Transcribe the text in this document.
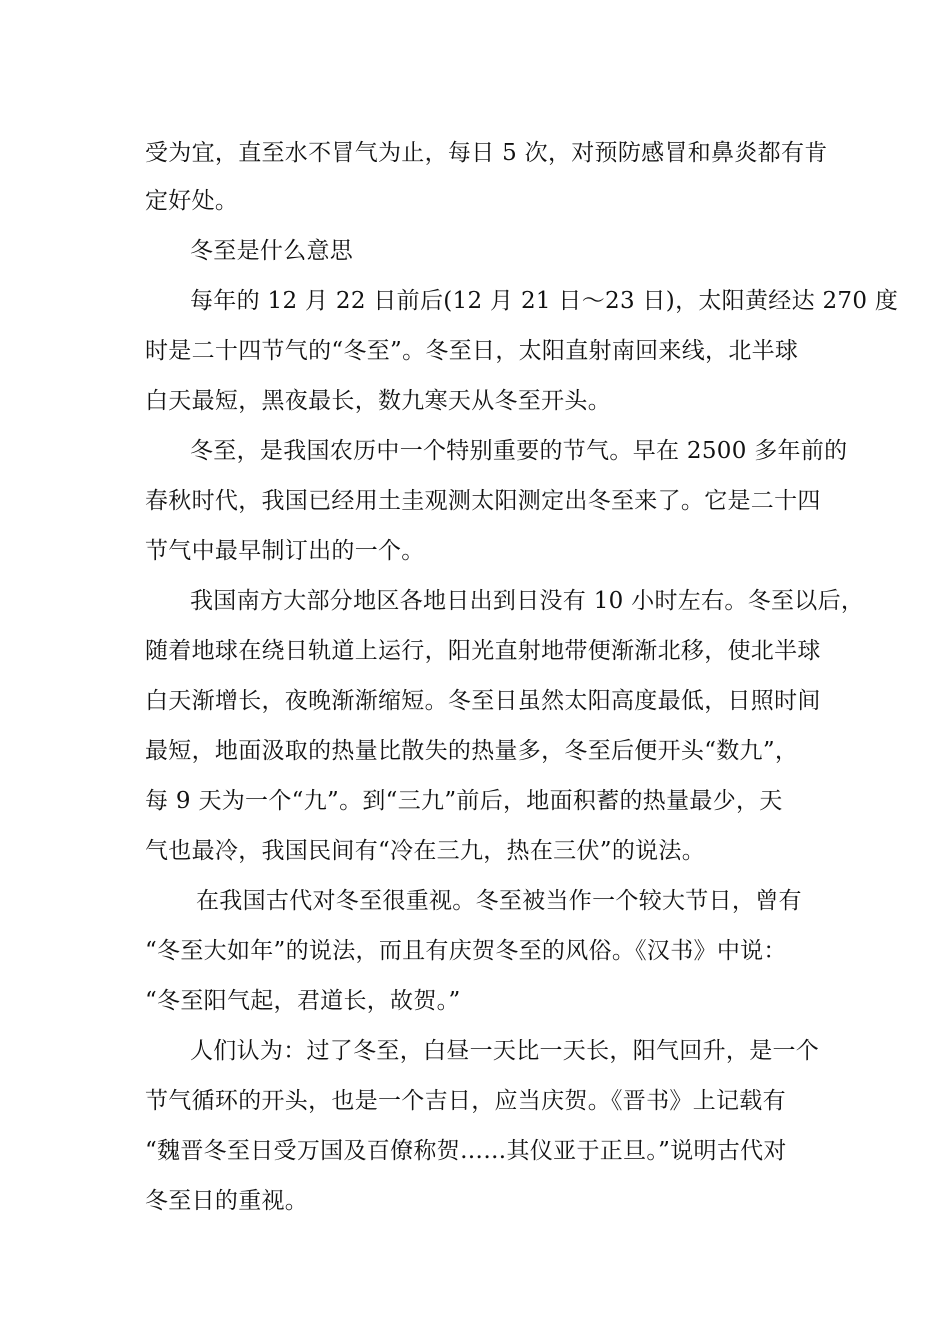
受为宜，直至水不冒气为止，每日 5 次，对预防感冒和鼻炎都有肯
定好处。
冬至是什么意思
每年的 12 月 22 日前后(12 月 21 日～23 日)，太阳黄经达 270 度
时是二十四节气的“冬至”。冬至日，太阳直射南回来线，北半球
白天最短，黑夜最长，数九寒天从冬至开头。
冬至，是我国农历中一个特别重要的节气。早在 2500 多年前的
春秋时代，我国已经用土圭观测太阳测定出冬至来了。它是二十四
节气中最早制订出的一个。
我国南方大部分地区各地日出到日没有 10 小时左右。冬至以后，
随着地球在绕日轨道上运行，阳光直射地带便渐渐北移，使北半球
白天渐增长，夜晚渐渐缩短。冬至日虽然太阳高度最低，日照时间
最短，地面汲取的热量比散失的热量多，冬至后便开头“数九”，
每 9 天为一个“九”。到“三九”前后，地面积蓄的热量最少，天
气也最冷，我国民间有“冷在三九，热在三伏”的说法。
在我国古代对冬至很重视。冬至被当作一个较大节日，曾有
“冬至大如年”的说法，而且有庆贺冬至的风俗。《汉书》中说：
“冬至阳气起，君道长，故贺。”
人们认为：过了冬至，白昼一天比一天长，阳气回升，是一个
节气循环的开头，也是一个吉日，应当庆贺。《晋书》上记载有
“魏晋冬至日受万国及百僚称贺……其仪亚于正旦。”说明古代对
冬至日的重视。
